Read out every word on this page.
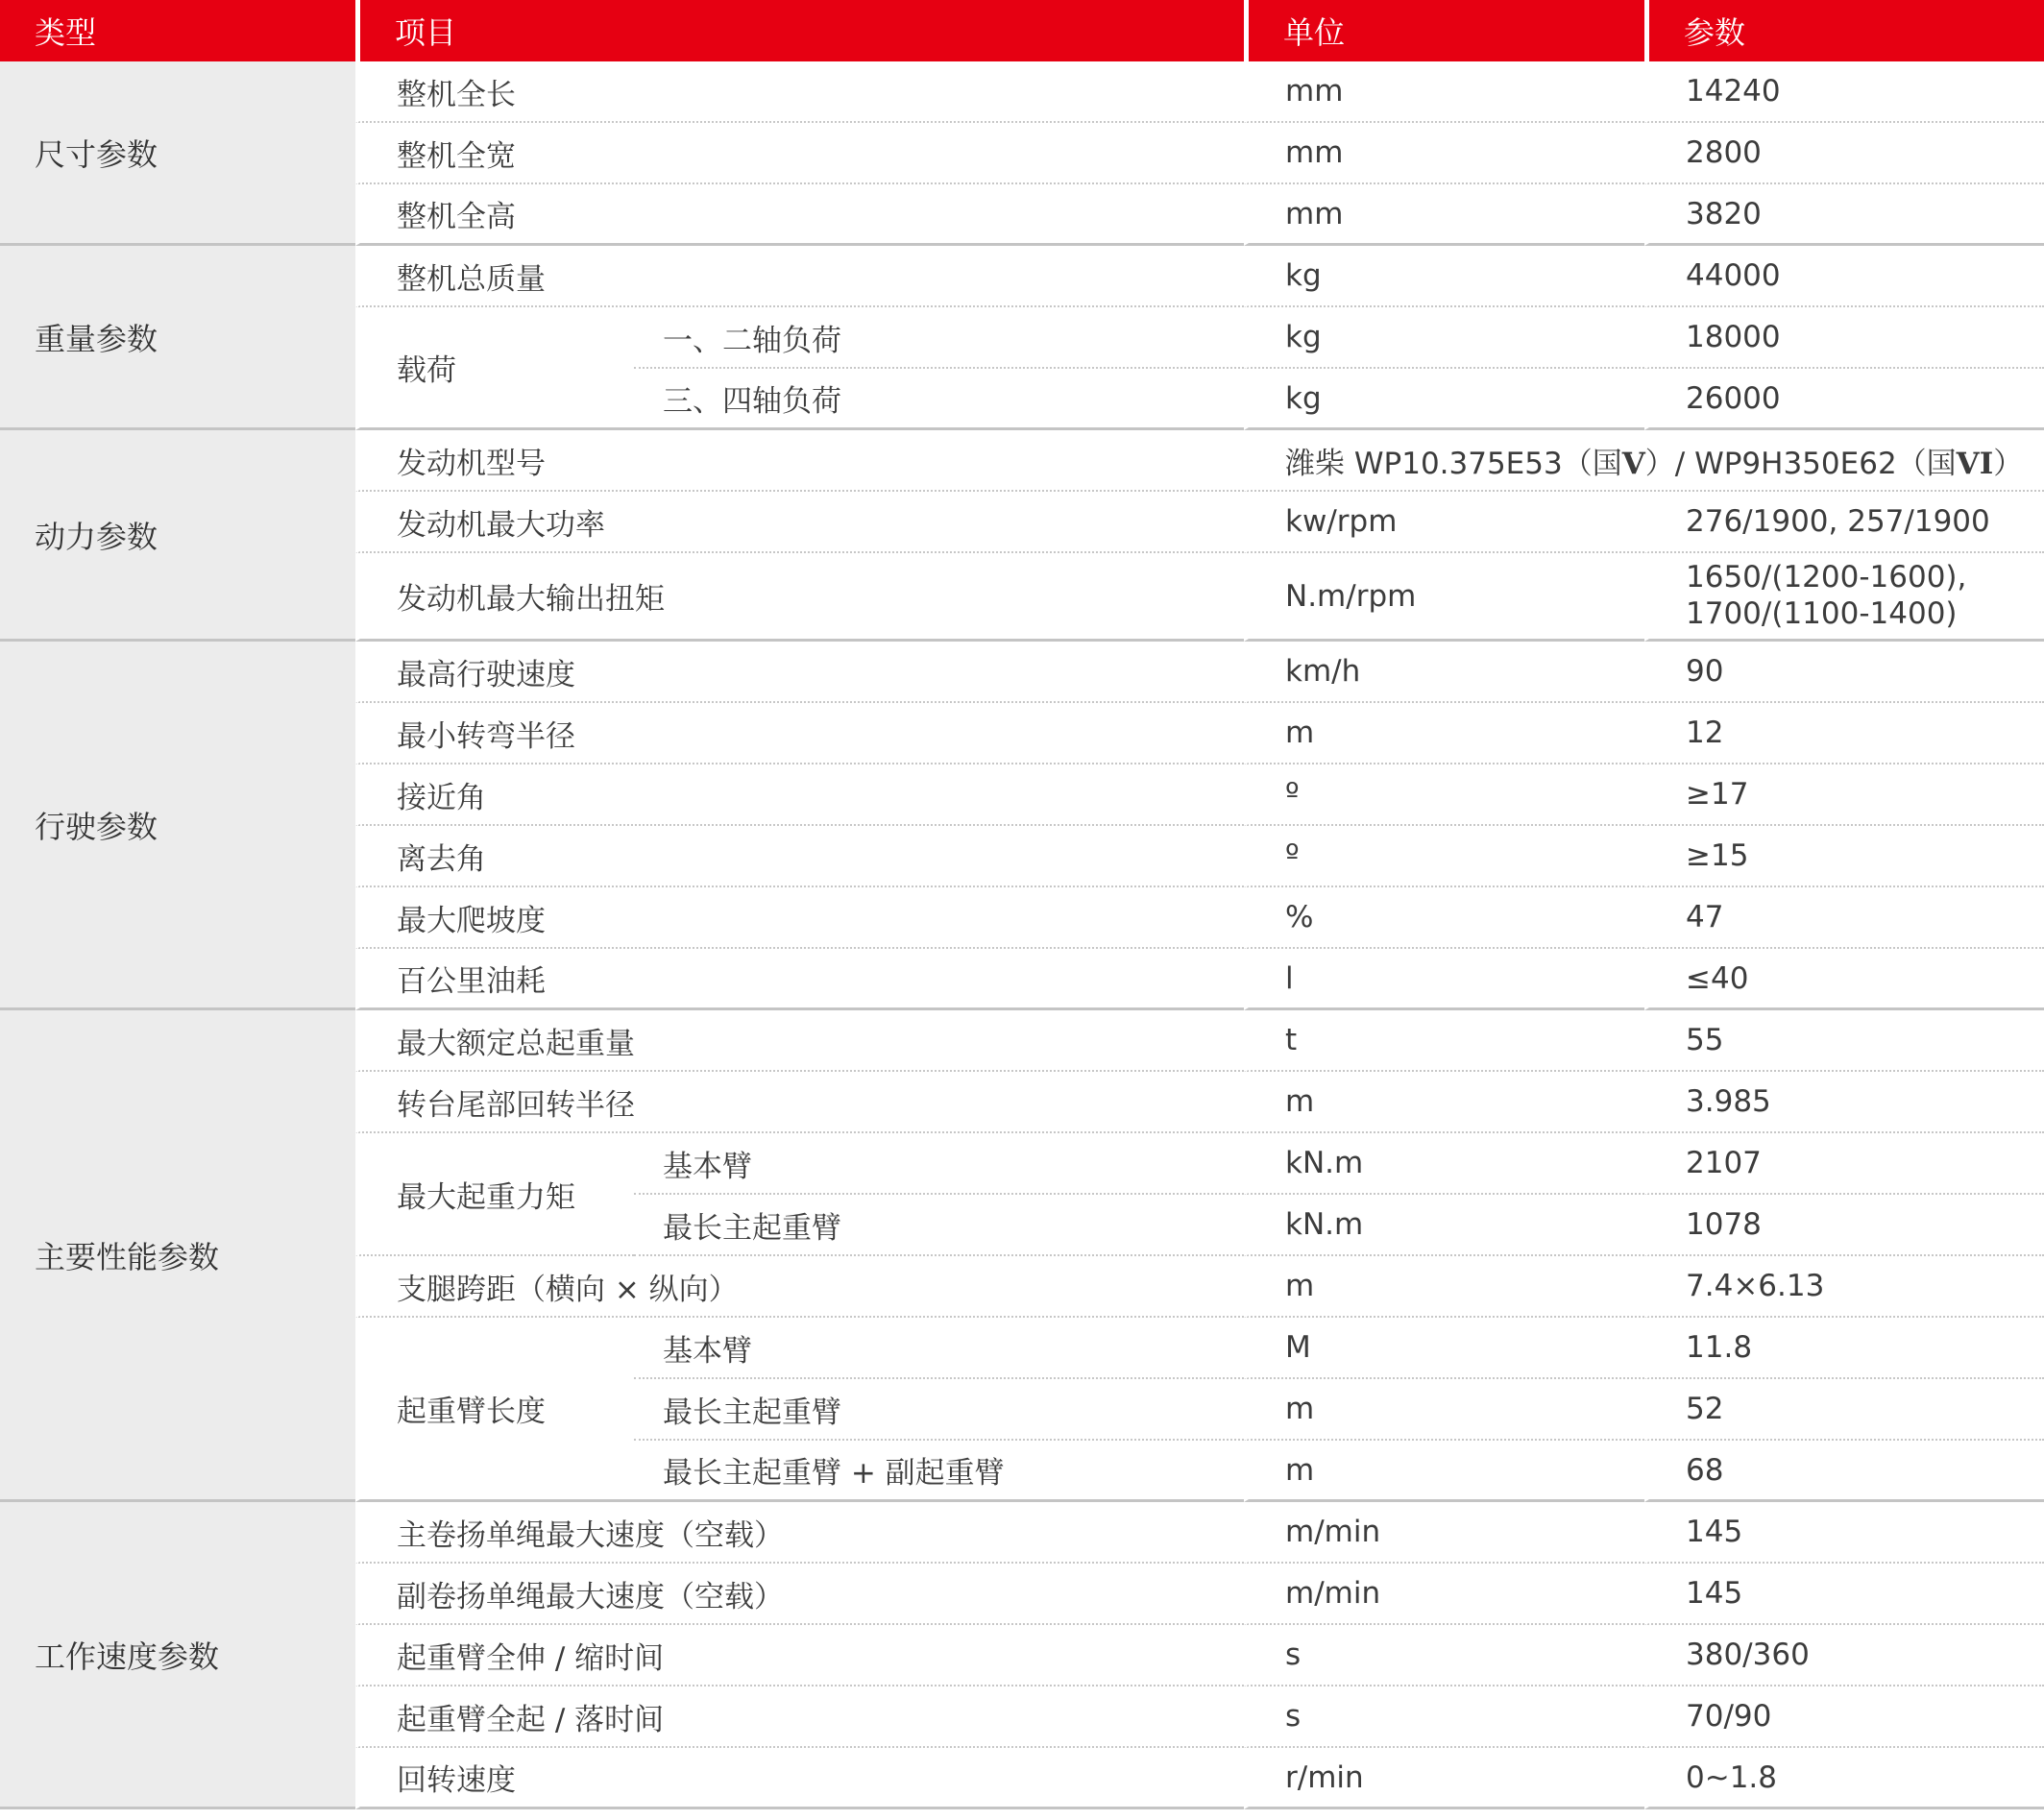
类型	项目		单位	参数
尺寸参数	整机全长		mm	14240
	整机全宽		mm	2800
	整机全高		mm	3820
重量参数	整机总质量		kg	44000
	载荷	一、二轴负荷	kg	18000
		三、四轴负荷	kg	26000
动力参数	发动机型号		潍柴 WP10.375E53（国V）/ WP9H350E62（国VI）	
	发动机最大功率		kw/rpm	276/1900, 257/1900
	发动机最大输出扭矩		N.m/rpm	1650/(1200-1600),
1700/(1100-1400)

行驶参数	最高行驶速度		km/h	90
	最小转弯半径		m	12
	接近角		º	≥17
	离去角		º	≥15
	最大爬坡度		%	47
	百公里油耗		l	≤40
主要性能参数	最大额定总起重量		t	55
	转台尾部回转半径		m	3.985
	最大起重力矩	基本臂	kN.m	2107
		最长主起重臂	kN.m	1078
	支腿跨距（横向 × 纵向）		m	7.4×6.13
	起重臂长度	基本臂	M	11.8
		最长主起重臂	m	52
		最长主起重臂 + 副起重臂	m	68
工作速度参数	主卷扬单绳最大速度（空载）		m/min	145
	副卷扬单绳最大速度（空载）		m/min	145
	起重臂全伸 / 缩时间		s	380/360
	起重臂全起 / 落时间		s	70/90
	回转速度		r/min	0~1.8
